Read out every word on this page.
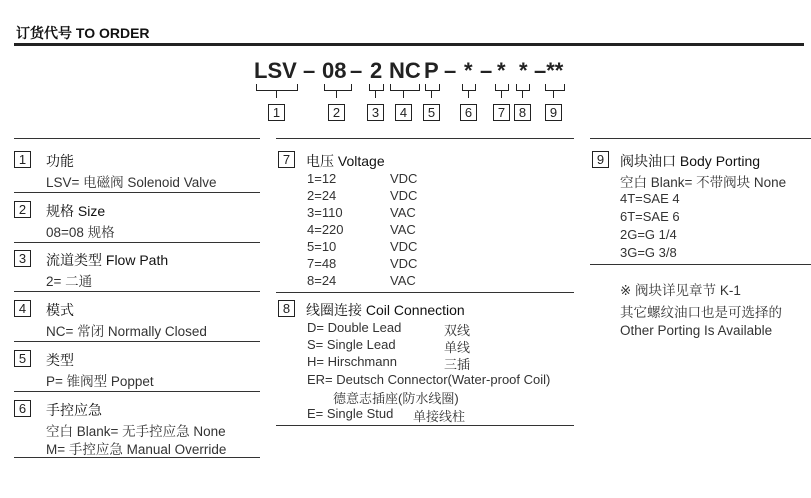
订货代号 TO ORDER
LSV – 08 – 2 NC P – * – * * –**
1	2	3	4	5	6	7	8	9
1	功能
LSV= 电磁阀 Solenoid Valve
2	规格 Size
08=08 规格
3	流道类型 Flow Path
2= 二通
4	模式
NC= 常闭 Normally Closed
5	类型
P= 锥阀型 Poppet
6	手控应急
空白 Blank= 无手控应急 None
M= 手控应急 Manual Override
7	电压 Voltage
1=12	VDC
2=24	VDC
3=110	VAC
4=220	VAC
5=10	VDC
7=48	VDC
8=24	VAC
8	线圈连接 Coil Connection
D= Double Lead	双线
S= Single Lead	单线
H= Hirschmann	三插
ER= Deutsch Connector(Water-proof Coil)
德意志插座(防水线圈)
E= Single Stud 单接线柱
9	阀块油口 Body Porting
空白 Blank= 不带阀块 None
4T=SAE 4
6T=SAE 6
2G=G 1/4
3G=G 3/8
※ 阀块详见章节 K-1
其它螺纹油口也是可选择的
Other Porting Is Available
